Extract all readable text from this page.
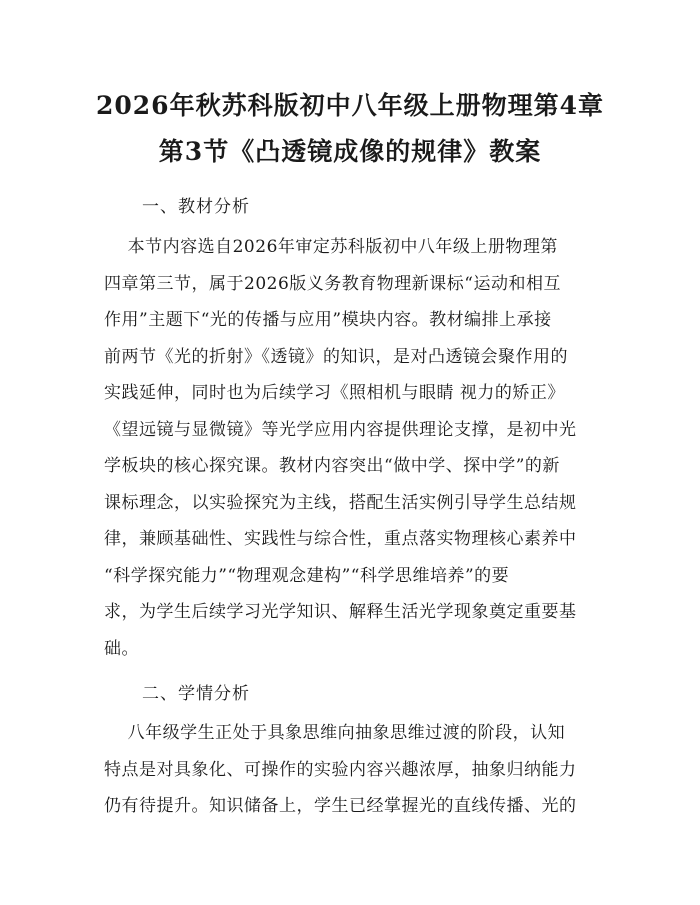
2026年秋苏科版初中八年级上册物理第4章
第3节《凸透镜成像的规律》教案
一、教材分析
本节内容选自2026年审定苏科版初中八年级上册物理第
四章第三节，属于2026版义务教育物理新课标“运动和相互
作用”主题下“光的传播与应用”模块内容。教材编排上承接
前两节《光的折射》《透镜》的知识，是对凸透镜会聚作用的
实践延伸，同时也为后续学习《照相机与眼睛 视力的矫正》
《望远镜与显微镜》等光学应用内容提供理论支撑，是初中光
学板块的核心探究课。教材内容突出“做中学、探中学”的新
课标理念，以实验探究为主线，搭配生活实例引导学生总结规
律，兼顾基础性、实践性与综合性，重点落实物理核心素养中
“科学探究能力”“物理观念建构”“科学思维培养”的要
求，为学生后续学习光学知识、解释生活光学现象奠定重要基
础。
二、学情分析
八年级学生正处于具象思维向抽象思维过渡的阶段，认知
特点是对具象化、可操作的实验内容兴趣浓厚，抽象归纳能力
仍有待提升。知识储备上，学生已经掌握光的直线传播、光的
